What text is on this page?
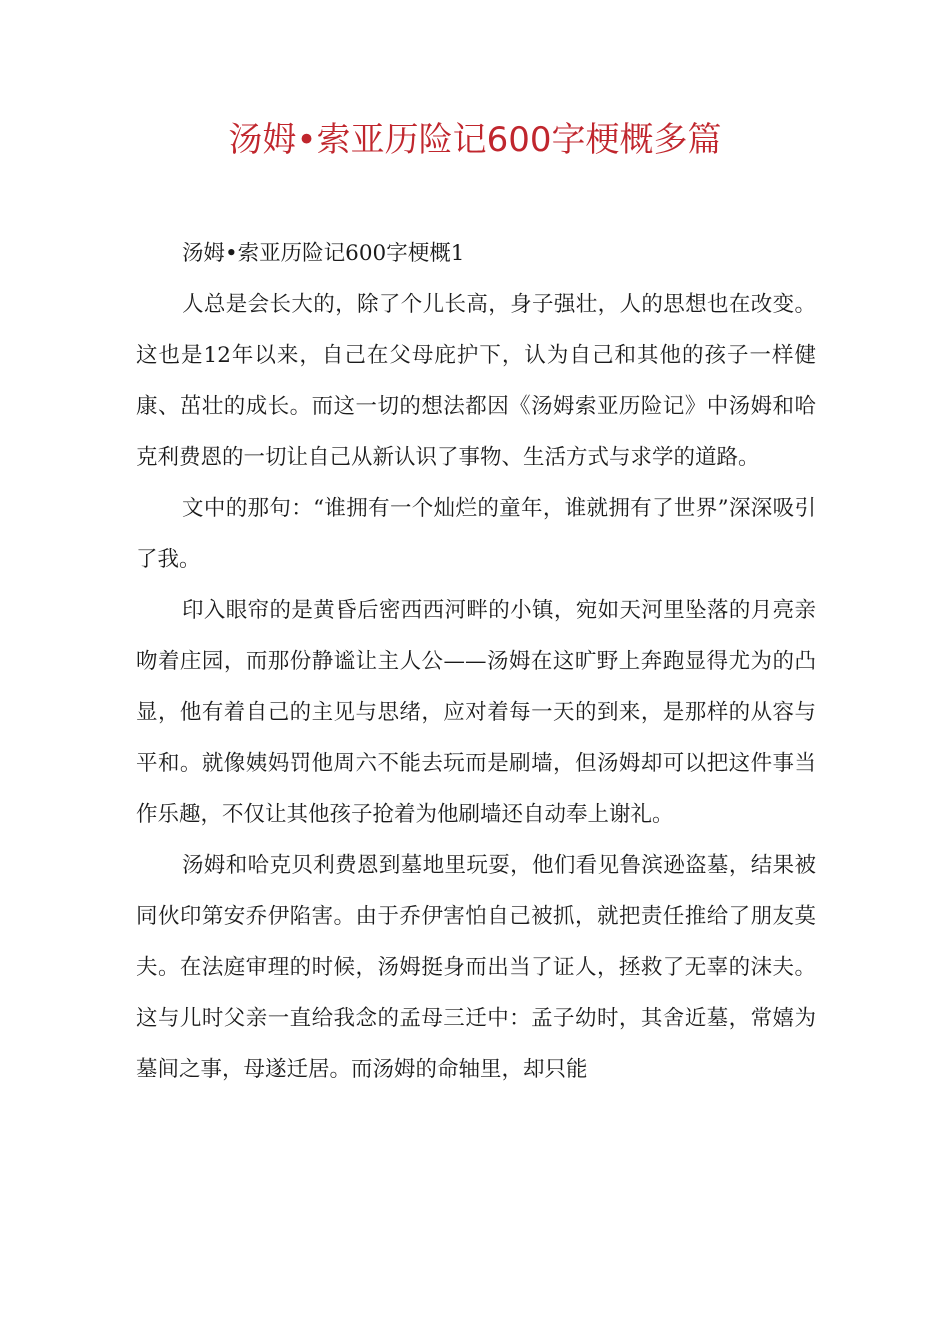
汤姆•索亚历险记600字梗概多篇

汤姆•索亚历险记600字梗概1

人总是会长大的，除了个儿长高，身子强壮，人的思想也在改变。这也是12年以来，自己在父母庇护下，认为自己和其他的孩子一样健康、茁壮的成长。而这一切的想法都因《汤姆索亚历险记》中汤姆和哈克利费恩的一切让自己从新认识了事物、生活方式与求学的道路。

文中的那句：“谁拥有一个灿烂的童年，谁就拥有了世界”深深吸引了我。

印入眼帘的是黄昏后密西西河畔的小镇，宛如天河里坠落的月亮亲吻着庄园，而那份静谧让主人公——汤姆在这旷野上奔跑显得尤为的凸显，他有着自己的主见与思绪，应对着每一天的到来，是那样的从容与平和。就像姨妈罚他周六不能去玩而是刷墙，但汤姆却可以把这件事当作乐趣，不仅让其他孩子抢着为他刷墙还自动奉上谢礼。

汤姆和哈克贝利费恩到墓地里玩耍，他们看见鲁滨逊盗墓，结果被同伙印第安乔伊陷害。由于乔伊害怕自己被抓，就把责任推给了朋友莫夫。在法庭审理的时候，汤姆挺身而出当了证人，拯救了无辜的沫夫。这与儿时父亲一直给我念的孟母三迁中：孟子幼时，其舍近墓，常嬉为墓间之事，母遂迁居。而汤姆的命轴里，却只能
